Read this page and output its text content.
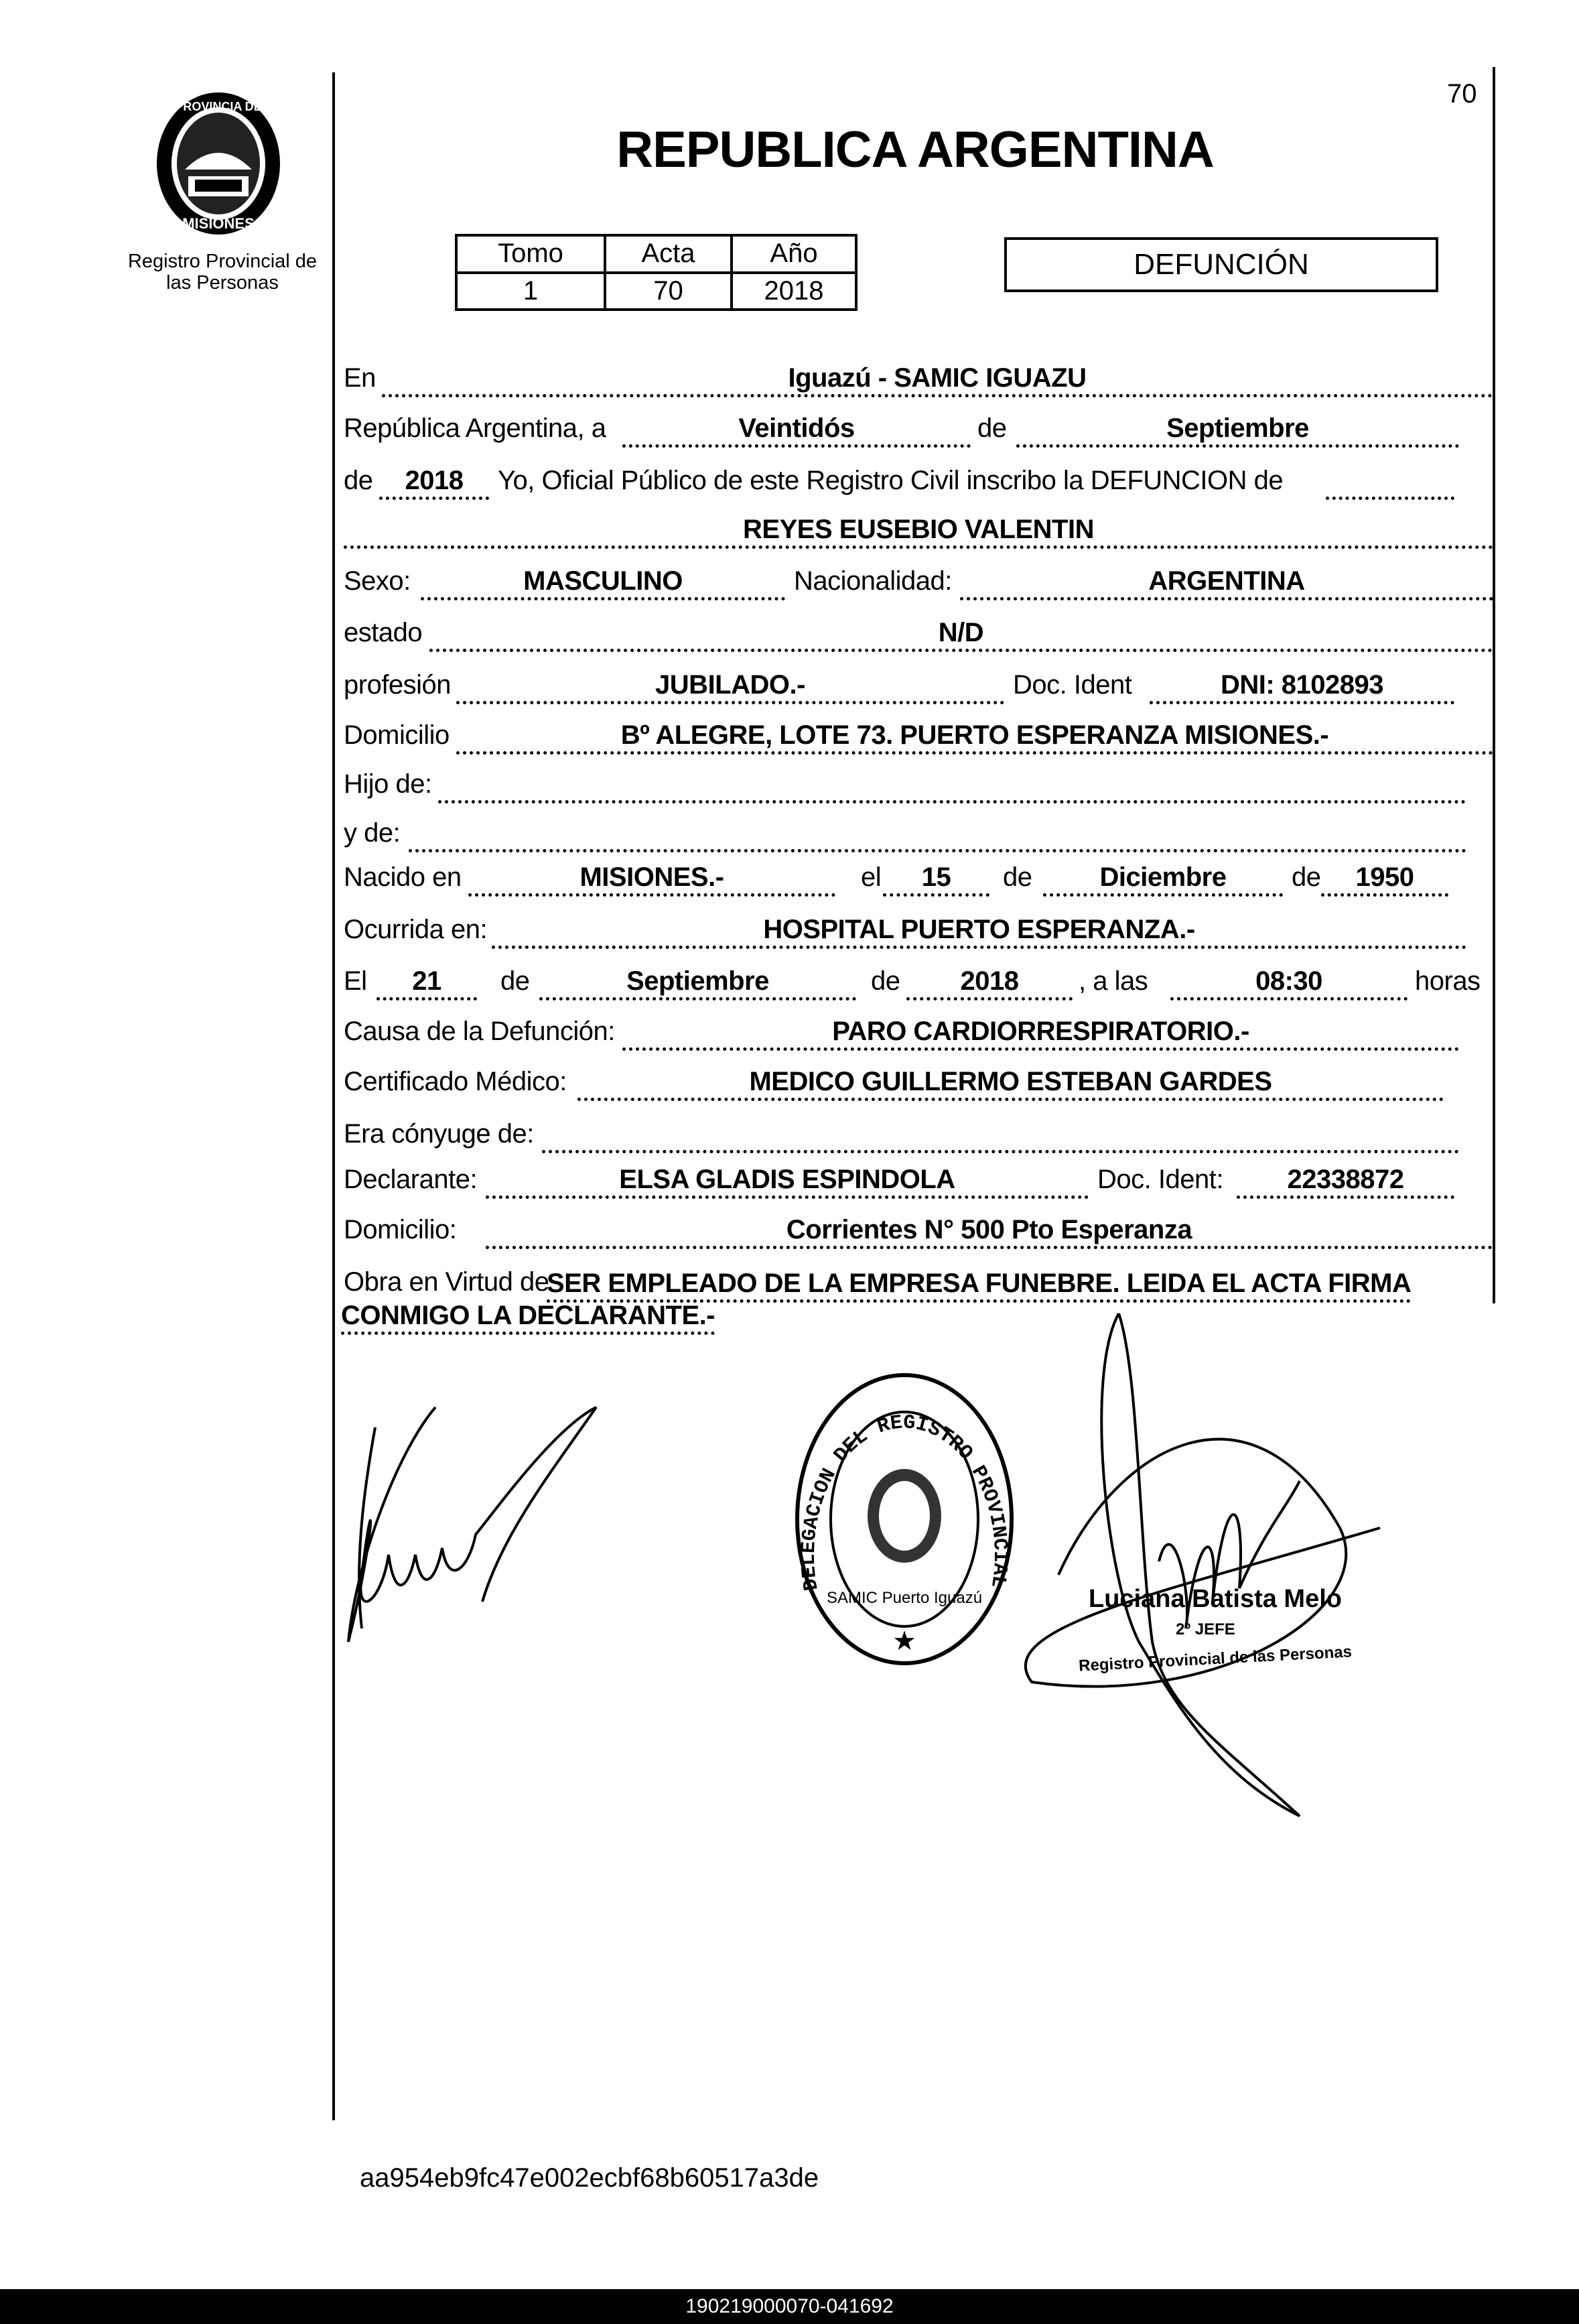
70
PROVINCIA DE
MISIONES
Registro Provincial de las Personas
REPUBLICA ARGENTINA
Tomo	Acta	Año
1	70	2018
DEFUNCIÓN
En	Iguazú - SAMIC IGUAZU
República Argentina, a	Veintidós	de	Septiembre
de	2018	Yo, Oficial Público de este Registro Civil inscribo la DEFUNCION de
REYES EUSEBIO VALENTIN
Sexo:	MASCULINO	Nacionalidad:	ARGENTINA
estado	N/D
profesión	JUBILADO.-	Doc. Ident	DNI: 8102893
Domicilio	Bº ALEGRE, LOTE 73. PUERTO ESPERANZA MISIONES.-
Hijo de:
y de:
Nacido en	MISIONES.-	el	15	de	Diciembre	de	1950
Ocurrida en:	HOSPITAL PUERTO ESPERANZA.-
El	21	de	Septiembre	de	2018	, a las	08:30	horas
Causa de la Defunción:	PARO CARDIORRESPIRATORIO.-
Certificado Médico:	MEDICO GUILLERMO ESTEBAN GARDES
Era cónyuge de:
Declarante:	ELSA GLADIS ESPINDOLA	Doc. Ident:	22338872
Domicilio:	Corrientes N° 500 Pto Esperanza
Obra en Virtud de
SER EMPLEADO DE LA EMPRESA FUNEBRE. LEIDA EL ACTA FIRMA
CONMIGO LA DECLARANTE.-
DELEGACION DEL REGISTRO PROVINCIAL
SAMIC Puerto Iguazú
★
Luciana Batista Melo
2º JEFE
Registro Provincial de las Personas
aa954eb9fc47e002ecbf68b60517a3de
190219000070-041692
